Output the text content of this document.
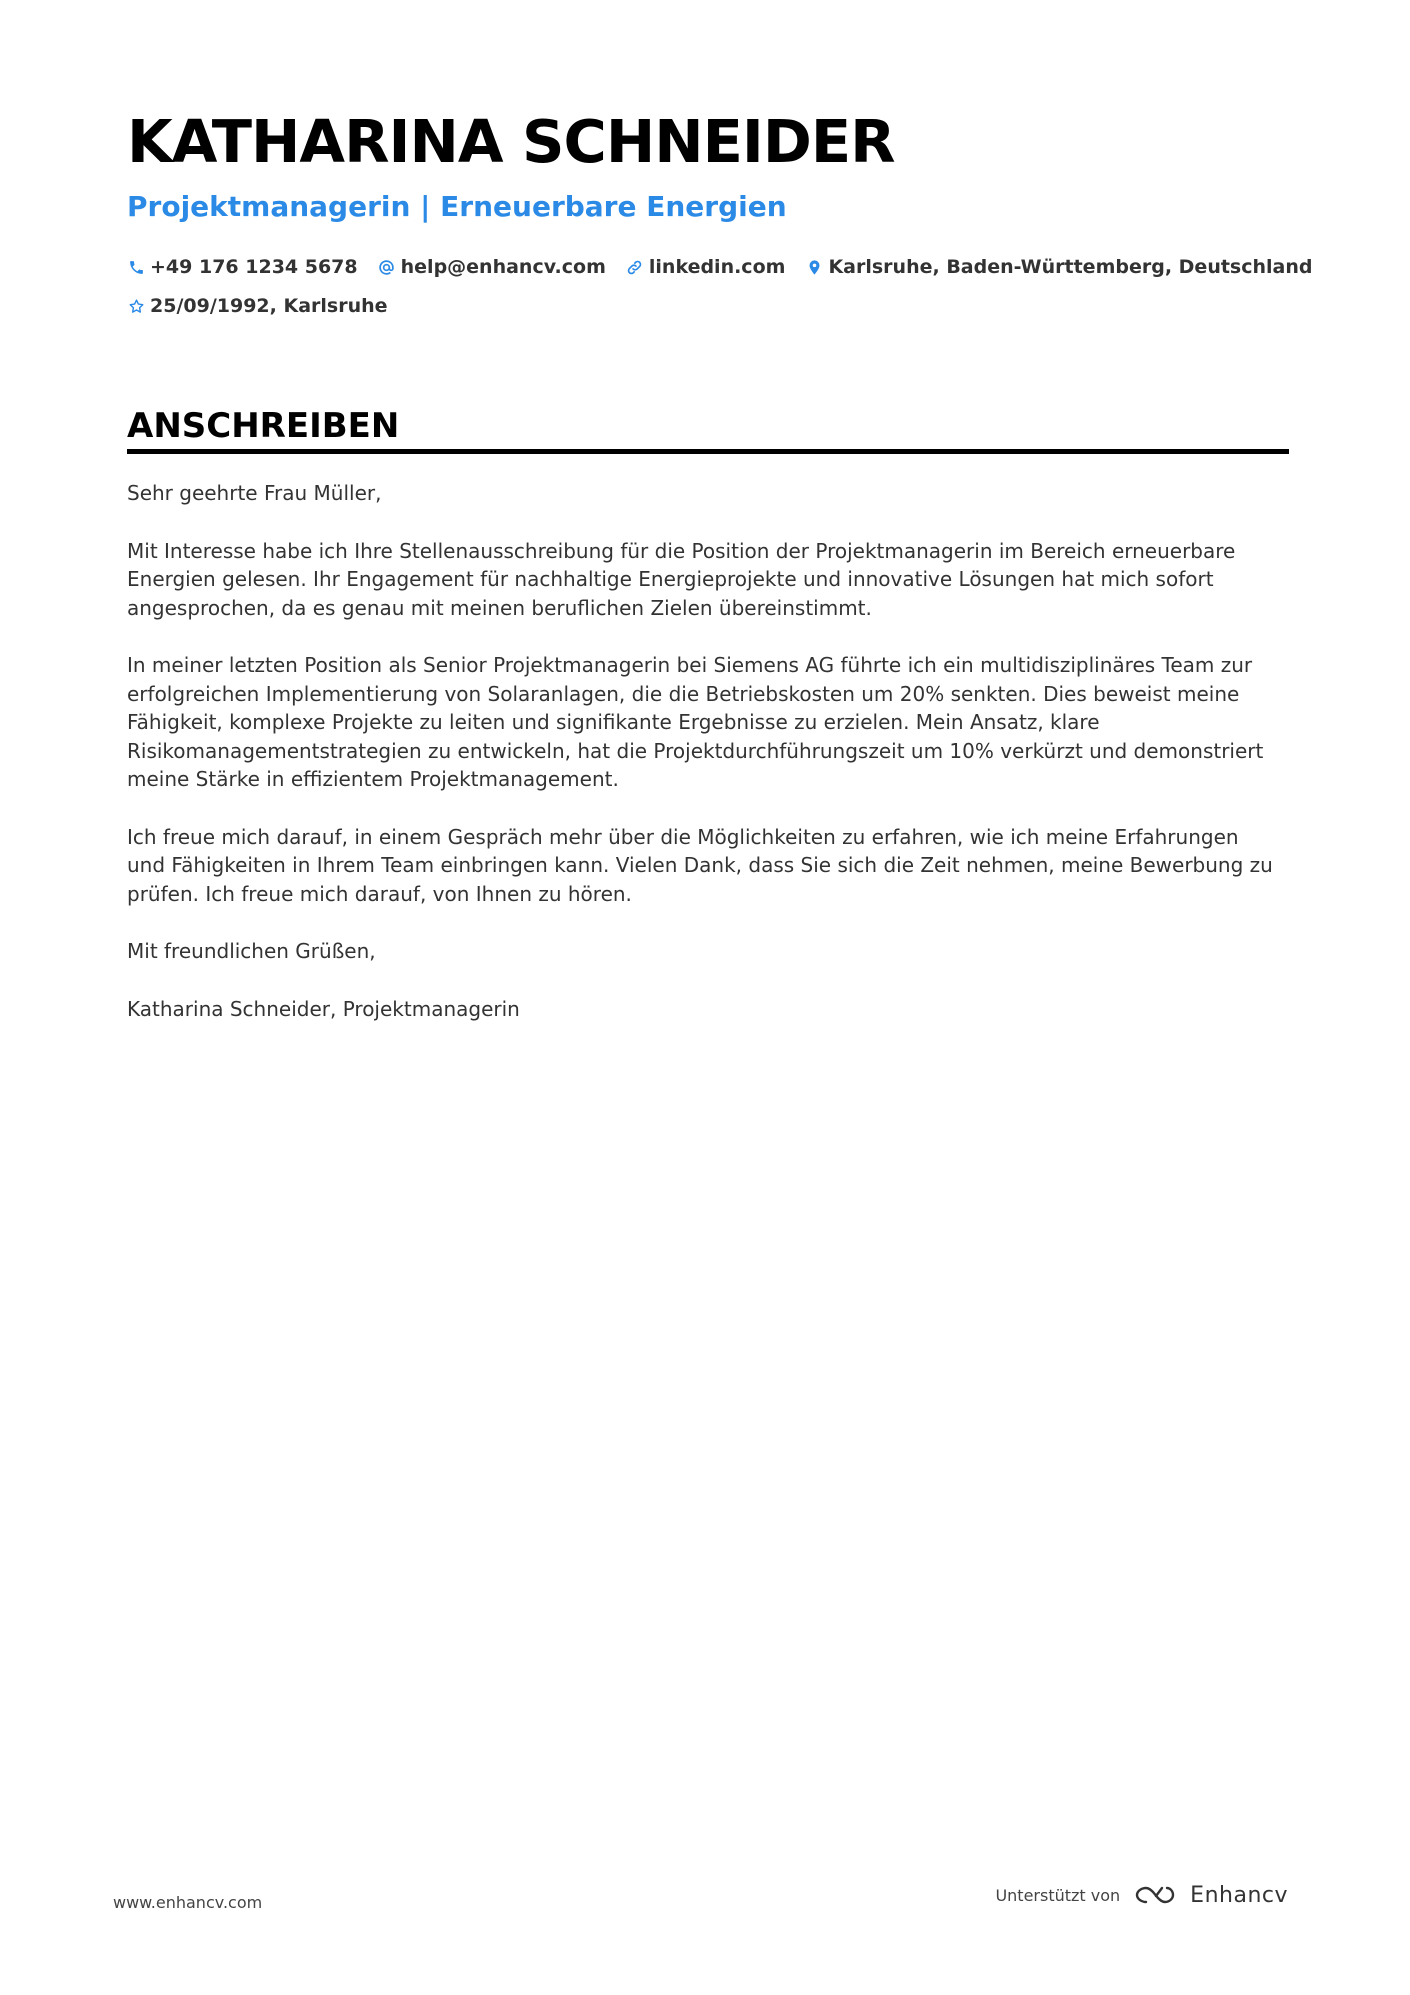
KATHARINA SCHNEIDER
Projektmanagerin | Erneuerbare Energien
+49 176 1234 5678 help@enhancv.com linkedin.com Karlsruhe, Baden-Württemberg, Deutschland
25/09/1992, Karlsruhe
ANSCHREIBEN

Sehr geehrte Frau Müller,

Mit Interesse habe ich Ihre Stellenausschreibung für die Position der Projektmanagerin im Bereich erneuerbare Energien gelesen. Ihr Engagement für nachhaltige Energieprojekte und innovative Lösungen hat mich sofort angesprochen, da es genau mit meinen beruflichen Zielen übereinstimmt.

In meiner letzten Position als Senior Projektmanagerin bei Siemens AG führte ich ein multidisziplinäres Team zur erfolgreichen Implementierung von Solaranlagen, die die Betriebskosten um 20% senkten. Dies beweist meine Fähigkeit, komplexe Projekte zu leiten und signifikante Ergebnisse zu erzielen. Mein Ansatz, klare Risikomanagementstrategien zu entwickeln, hat die Projektdurchführungszeit um 10% verkürzt und demonstriert meine Stärke in effizientem Projektmanagement.

Ich freue mich darauf, in einem Gespräch mehr über die Möglichkeiten zu erfahren, wie ich meine Erfahrungen und Fähigkeiten in Ihrem Team einbringen kann. Vielen Dank, dass Sie sich die Zeit nehmen, meine Bewerbung zu prüfen. Ich freue mich darauf, von Ihnen zu hören.

Mit freundlichen Grüßen,

Katharina Schneider, Projektmanagerin

www.enhancv.com	Unterstützt von	Enhancv
